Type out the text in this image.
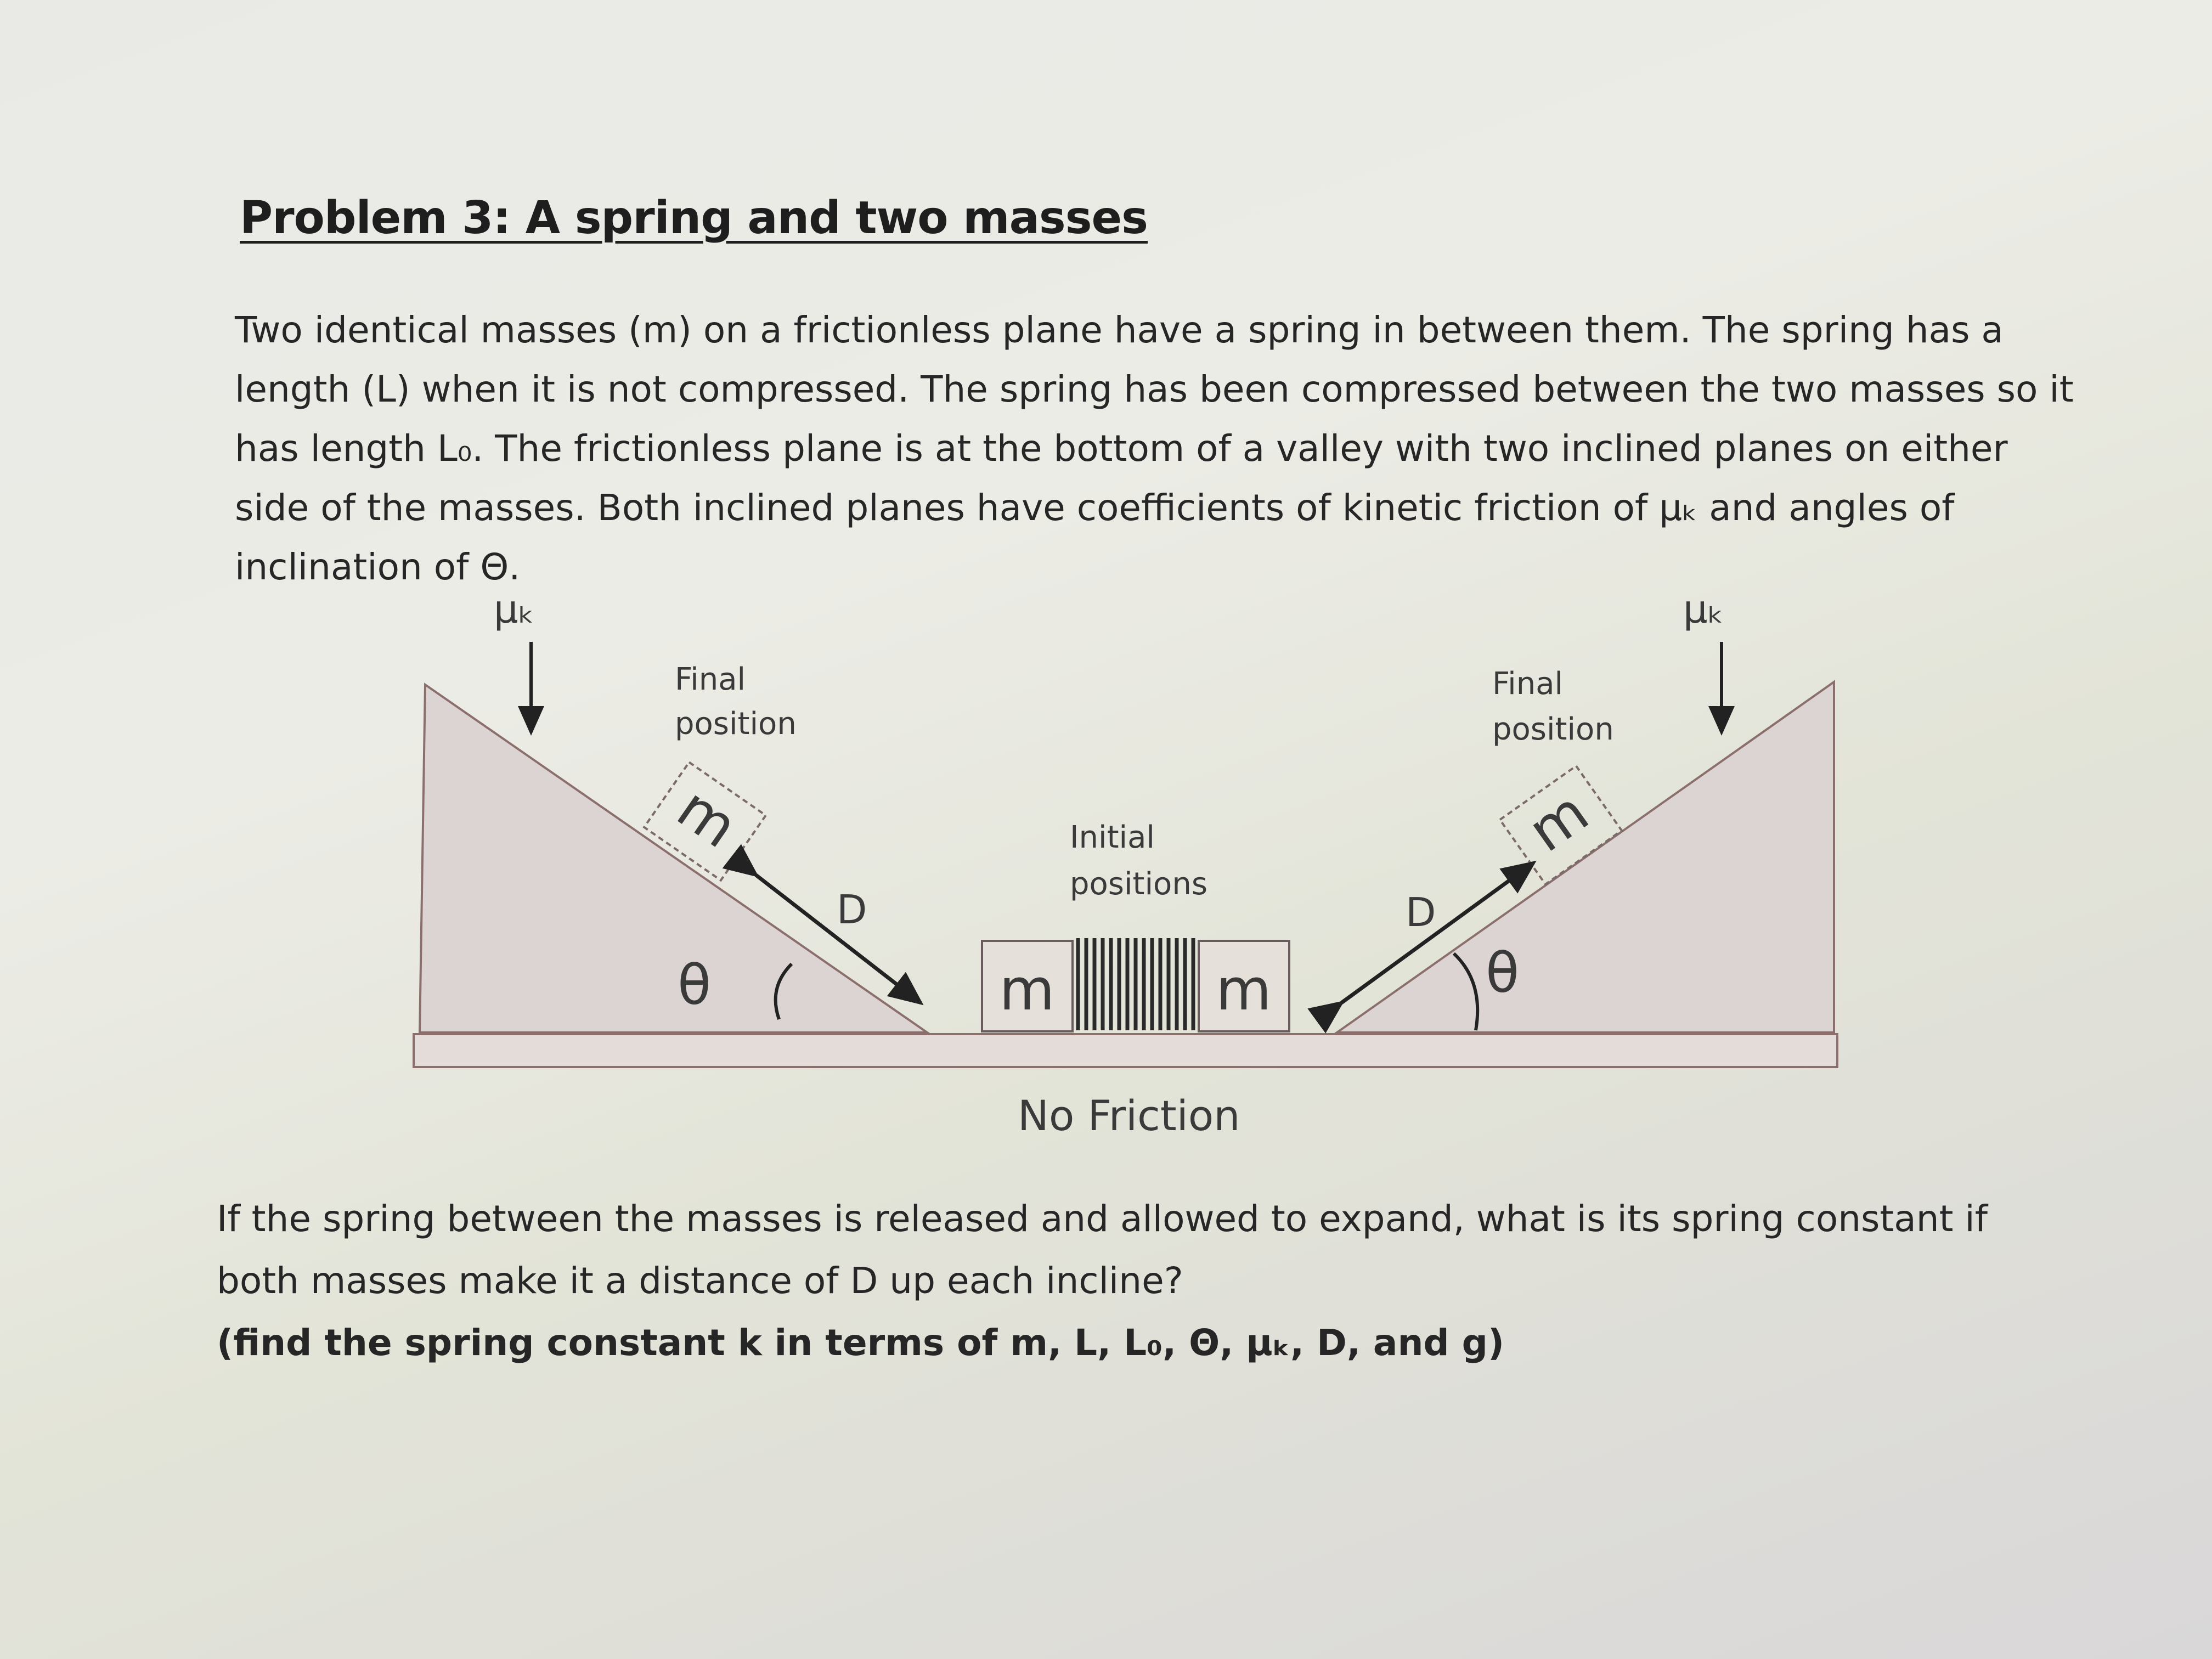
Problem 3: A spring and two masses

Two identical masses (m) on a frictionless plane have a spring in between them. The spring has a length (L) when it is not compressed. The spring has been compressed between the two masses so it has length L₀. The frictionless plane is at the bottom of a valley with two inclined planes on either side of the masses. Both inclined planes have coefficients of kinetic friction of μₖ and angles of inclination of Θ.

μₖ	μₖ
Final
position
Final
position
m	m
D	D
θ	θ
Initial
positions
m	m
No Friction

If the spring between the masses is released and allowed to expand, what is its spring constant if both masses make it a distance of D up each incline?
(find the spring constant k in terms of m, L, L₀, Θ, μₖ, D, and g)
